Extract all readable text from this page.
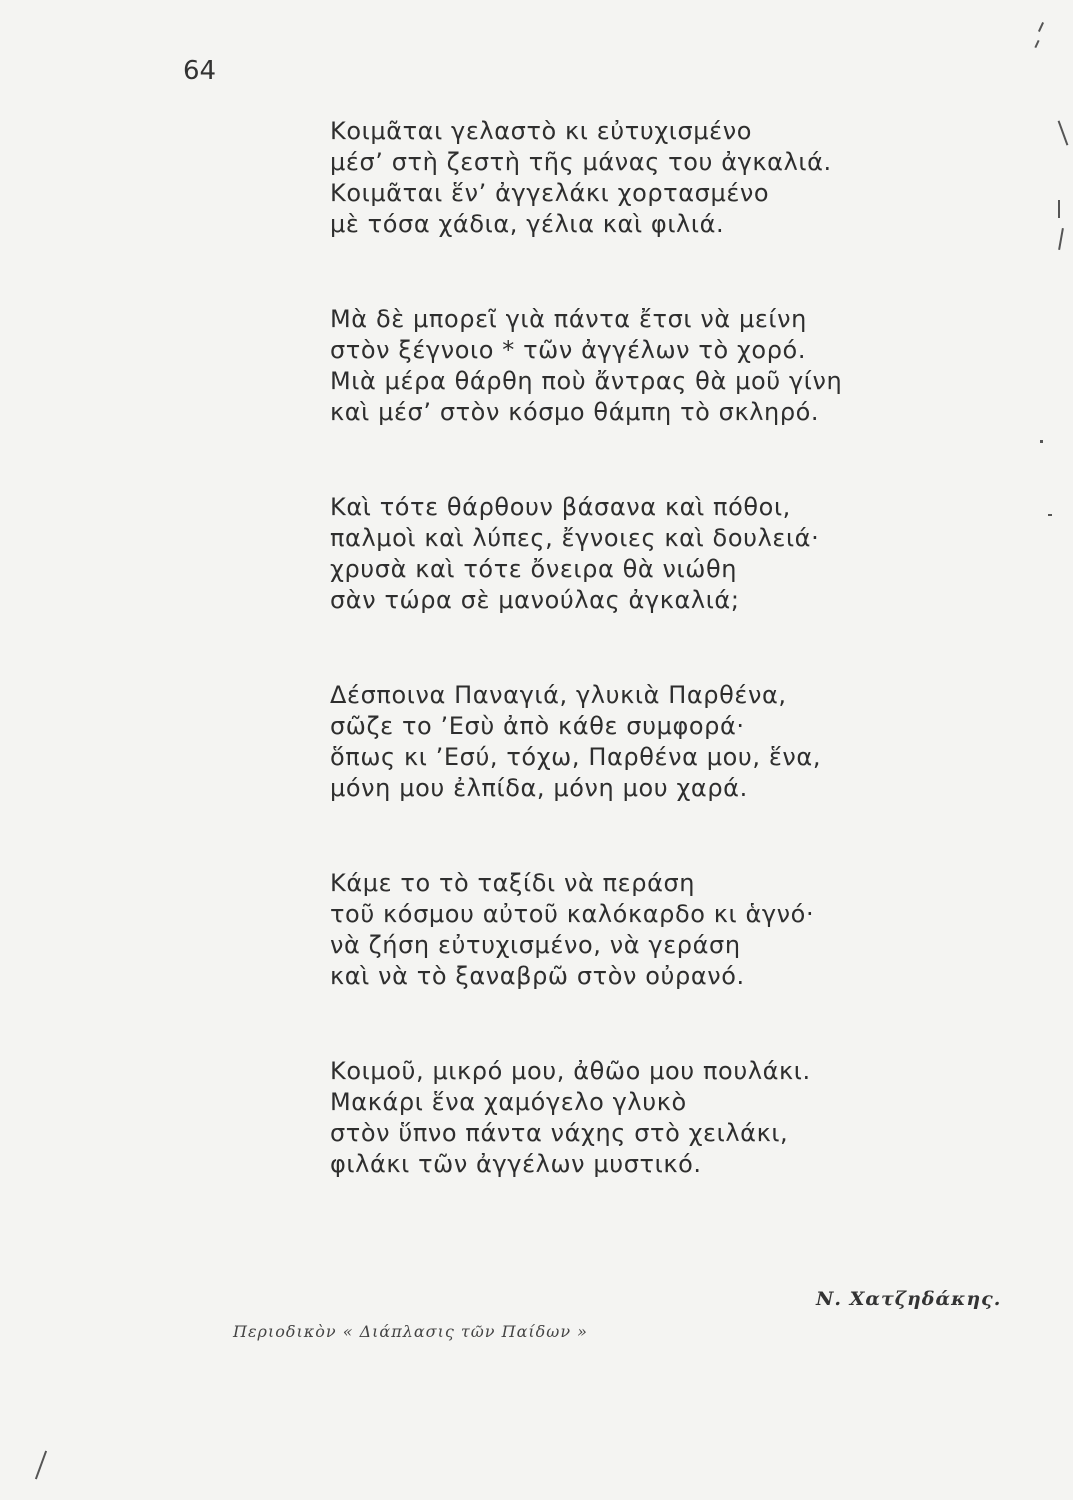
64
Κοιμᾶται γελαστὸ κι εὐτυχισμένο
μέσ’ στὴ ζεστὴ τῆς μάνας του ἀγκαλιά.
Κοιμᾶται ἕν’ ἀγγελάκι χορτασμένο
μὲ τόσα χάδια, γέλια καὶ φιλιά.
Μὰ δὲ μπορεῖ γιὰ πάντα ἔτσι νὰ μείνη
στὸν ξέγνοιο * τῶν ἀγγέλων τὸ χορό.
Μιὰ μέρα θάρθη ποὺ ἄντρας θὰ μοῦ γίνη
καὶ μέσ’ στὸν κόσμο θάμπη τὸ σκληρό.
Καὶ τότε θάρθουν βάσανα καὶ πόθοι,
παλμοὶ καὶ λύπες, ἔγνοιες καὶ δουλειά·
χρυσὰ καὶ τότε ὄνειρα θὰ νιώθη
σὰν τώρα σὲ μανούλας ἀγκαλιά;
Δέσποινα Παναγιά, γλυκιὰ Παρθένα,
σῶζε το ’Εσὺ ἀπὸ κάθε συμφορά·
ὅπως κι ’Εσύ, τόχω, Παρθένα μου, ἕνα,
μόνη μου ἐλπίδα, μόνη μου χαρά.
Κάμε το τὸ ταξίδι νὰ περάση
τοῦ κόσμου αὐτοῦ καλόκαρδο κι ἁγνό·
νὰ ζήση εὐτυχισμένο, νὰ γεράση
καὶ νὰ τὸ ξαναβρῶ στὸν οὐρανό.
Κοιμοῦ, μικρό μου, ἀθῶο μου πουλάκι.
Μακάρι ἕνα χαμόγελο γλυκὸ
στὸν ὕπνο πάντα νάχης στὸ χειλάκι,
φιλάκι τῶν ἀγγέλων μυστικό.
Ν. Χατζηδάκης.
Περιοδικὸν « Διάπλασις τῶν Παίδων »
